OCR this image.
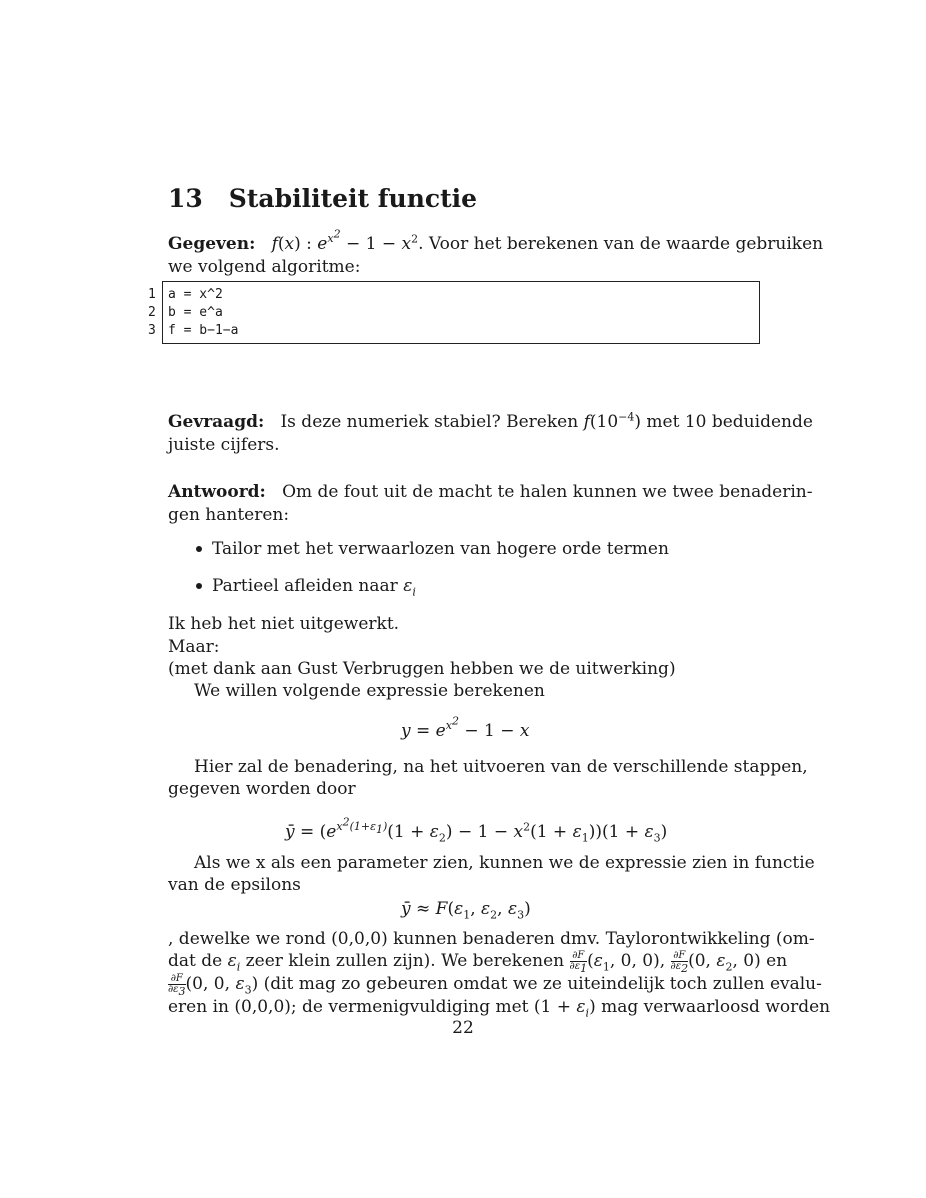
13 Stabiliteit functie
Gegeven: f(x) : $e^{x^2} - 1 - x^2$. Voor het berekenen van de waarde gebruiken
we volgend algoritme:
1
2
3
a = x^2
b = e^a
f = b−1−a
Gevraagd: Is deze numeriek stabiel? Bereken $f(10^{-4})$ met 10 beduidende
juiste cijfers.
Antwoord: Om de fout uit de macht te halen kunnen we twee benaderin-
gen hanteren:
Tailor met het verwaarlozen van hogere orde termen
Partieel afleiden naar $\varepsilon_i$
Ik heb het niet uitgewerkt.
Maar:
(met dank aan Gust Verbruggen hebben we de uitwerking)
We willen volgende expressie berekenen
$y = e^{x^2} - 1 - x$
Hier zal de benadering, na het uitvoeren van de verschillende stappen,
gegeven worden door
ȳ = $(e^{x^2(1+\varepsilon_1)}(1 + \varepsilon_2) - 1 - x^2(1 + \varepsilon_1))(1 + \varepsilon_3)$
Als we x als een parameter zien, kunnen we de expressie zien in functie
van de epsilons
ȳ ≈ $F(\varepsilon_1$, $\varepsilon_2$, $\varepsilon_3$)
, dewelke we rond (0,0,0) kunnen benaderen dmv. Taylorontwikkeling (om-
dat de $\varepsilon_i$ zeer klein zullen zijn). We berekenen $\frac{\partial F}{\partial\varepsilon_1} (\varepsilon_1$, 0, 0), $\frac{\partial F}{\partial\varepsilon_2} (0$, $\varepsilon_2$, 0) en
$\frac{\partial F}{\partial\varepsilon_3} (0$, 0, $\varepsilon_3$) (dit mag zo gebeuren omdat we ze uiteindelijk toch zullen evalu-
eren in (0,0,0); de vermenigvuldiging met $(1 + \varepsilon_i)$ mag verwaarloosd worden
22
